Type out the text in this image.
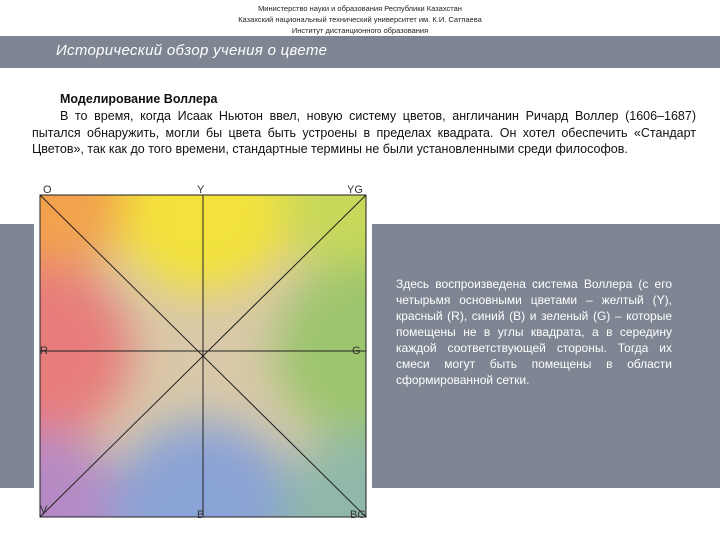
Министерство науки и образования Республики Казахстан
Казахский национальный технический университет им. К.И. Сатпаева
Институт дистанционного образования
Исторический обзор учения о цвете
Моделирование Воллера
В то время, когда Исаак Ньютон ввел, новую систему цветов, англичанин Ричард Воллер (1606–1687) пытался обнаружить, могли бы цвета быть устроены в пределах квадрата. Он хотел обеспечить «Стандарт Цветов», так как до того времени, стандартные термины не были установленными среди философов.
O	Y	YG
R	G
V	B	BG
Здесь воспроизведена система Воллера (с его четырьмя основными цветами – желтый (Y), красный (R), синий (B) и зеленый (G) – которые помещены не в углы квадрата, а в середину каждой соответствующей стороны. Тогда их смеси могут быть помещены в области сформированной сетки.
